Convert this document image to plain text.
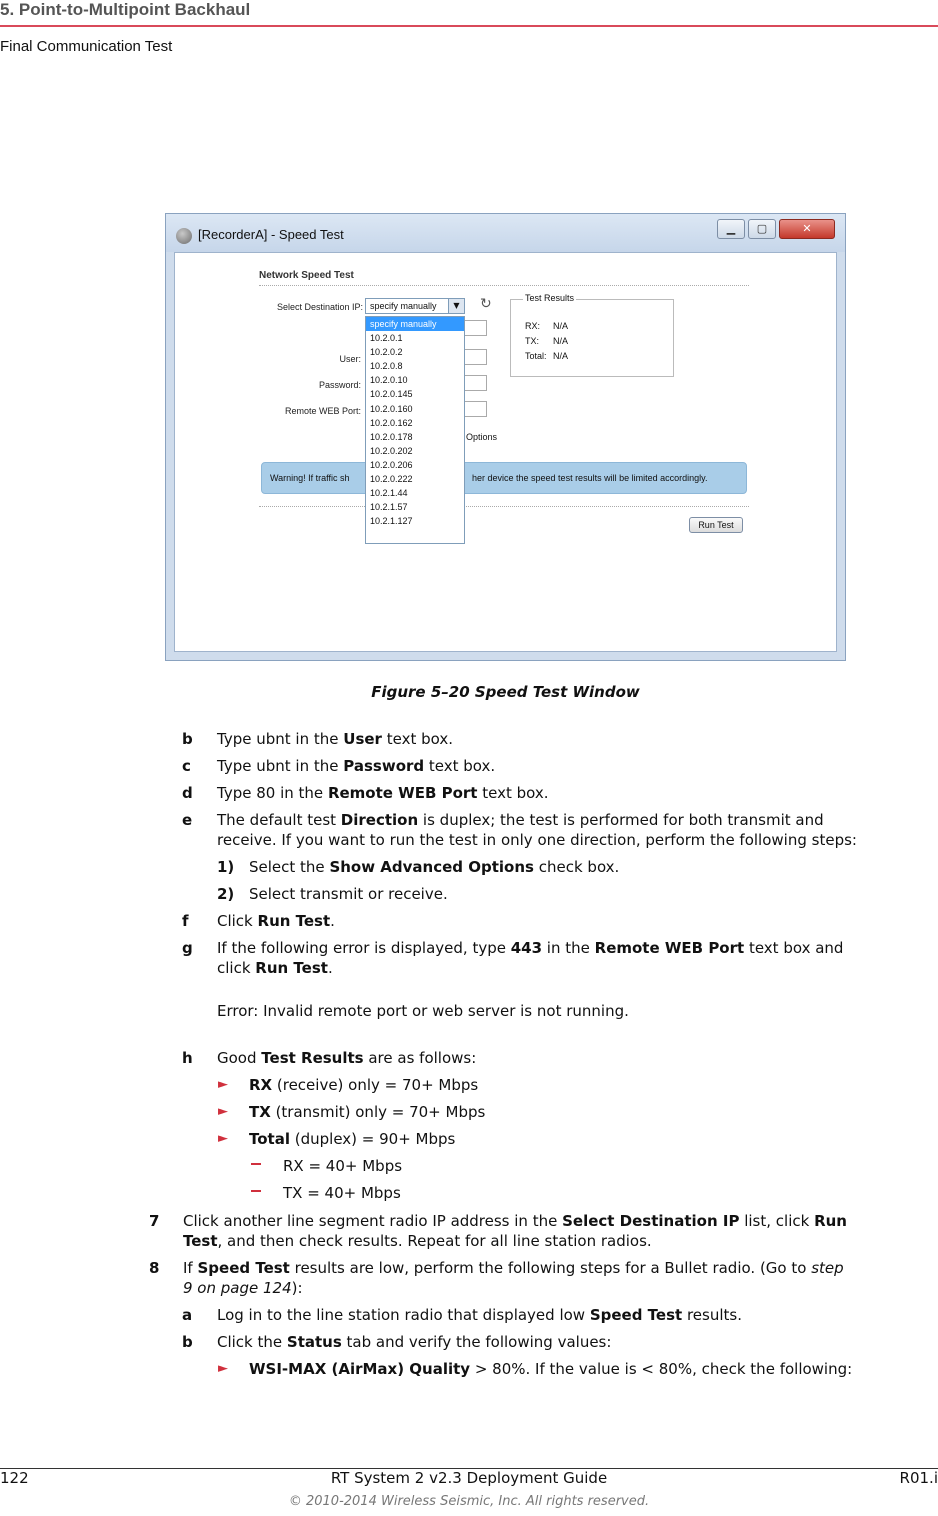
5. Point-to-Multipoint Backhaul
Final Communication Test
[RecorderA] - Speed Test	▁	▢	✕
Network Speed Test
Select Destination IP: specify manually	▼	↻
User:
Password:
Remote WEB Port:
Test Results
RX: N/A
TX: N/A
Total: N/A
Options
Warning! If traffic sh	her device the speed test results will be limited accordingly.
Run Test
specify manually
10.2.0.1
10.2.0.2
10.2.0.8
10.2.0.10
10.2.0.145
10.2.0.160
10.2.0.162
10.2.0.178
10.2.0.202
10.2.0.206
10.2.0.222
10.2.1.44
10.2.1.57
10.2.1.127
Figure 5–20 Speed Test Window
b Type ubnt in the User text box.
c Type ubnt in the Password text box.
d Type 80 in the Remote WEB Port text box.
e The default test Direction is duplex; the test is performed for both transmit and
receive. If you want to run the test in only one direction, perform the following steps:
1) Select the Show Advanced Options check box.
2) Select transmit or receive.
f Click Run Test.
g If the following error is displayed, type 443 in the Remote WEB Port text box and
click Run Test.
Error: Invalid remote port or web server is not running.
h Good Test Results are as follows:
► RX (receive) only = 70+ Mbps
► TX (transmit) only = 70+ Mbps
► Total (duplex) = 90+ Mbps
RX = 40+ Mbps
TX = 40+ Mbps
7 Click another line segment radio IP address in the Select Destination IP list, click Run
Test, and then check results. Repeat for all line station radios.
8 If Speed Test results are low, perform the following steps for a Bullet radio. (Go to step
9 on page 124):
a Log in to the line station radio that displayed low Speed Test results.
b Click the Status tab and verify the following values:
► WSI-MAX (AirMax) Quality > 80%. If the value is < 80%, check the following:
122	RT System 2 v2.3 Deployment Guide	R01.i
© 2010-2014 Wireless Seismic, Inc. All rights reserved.
